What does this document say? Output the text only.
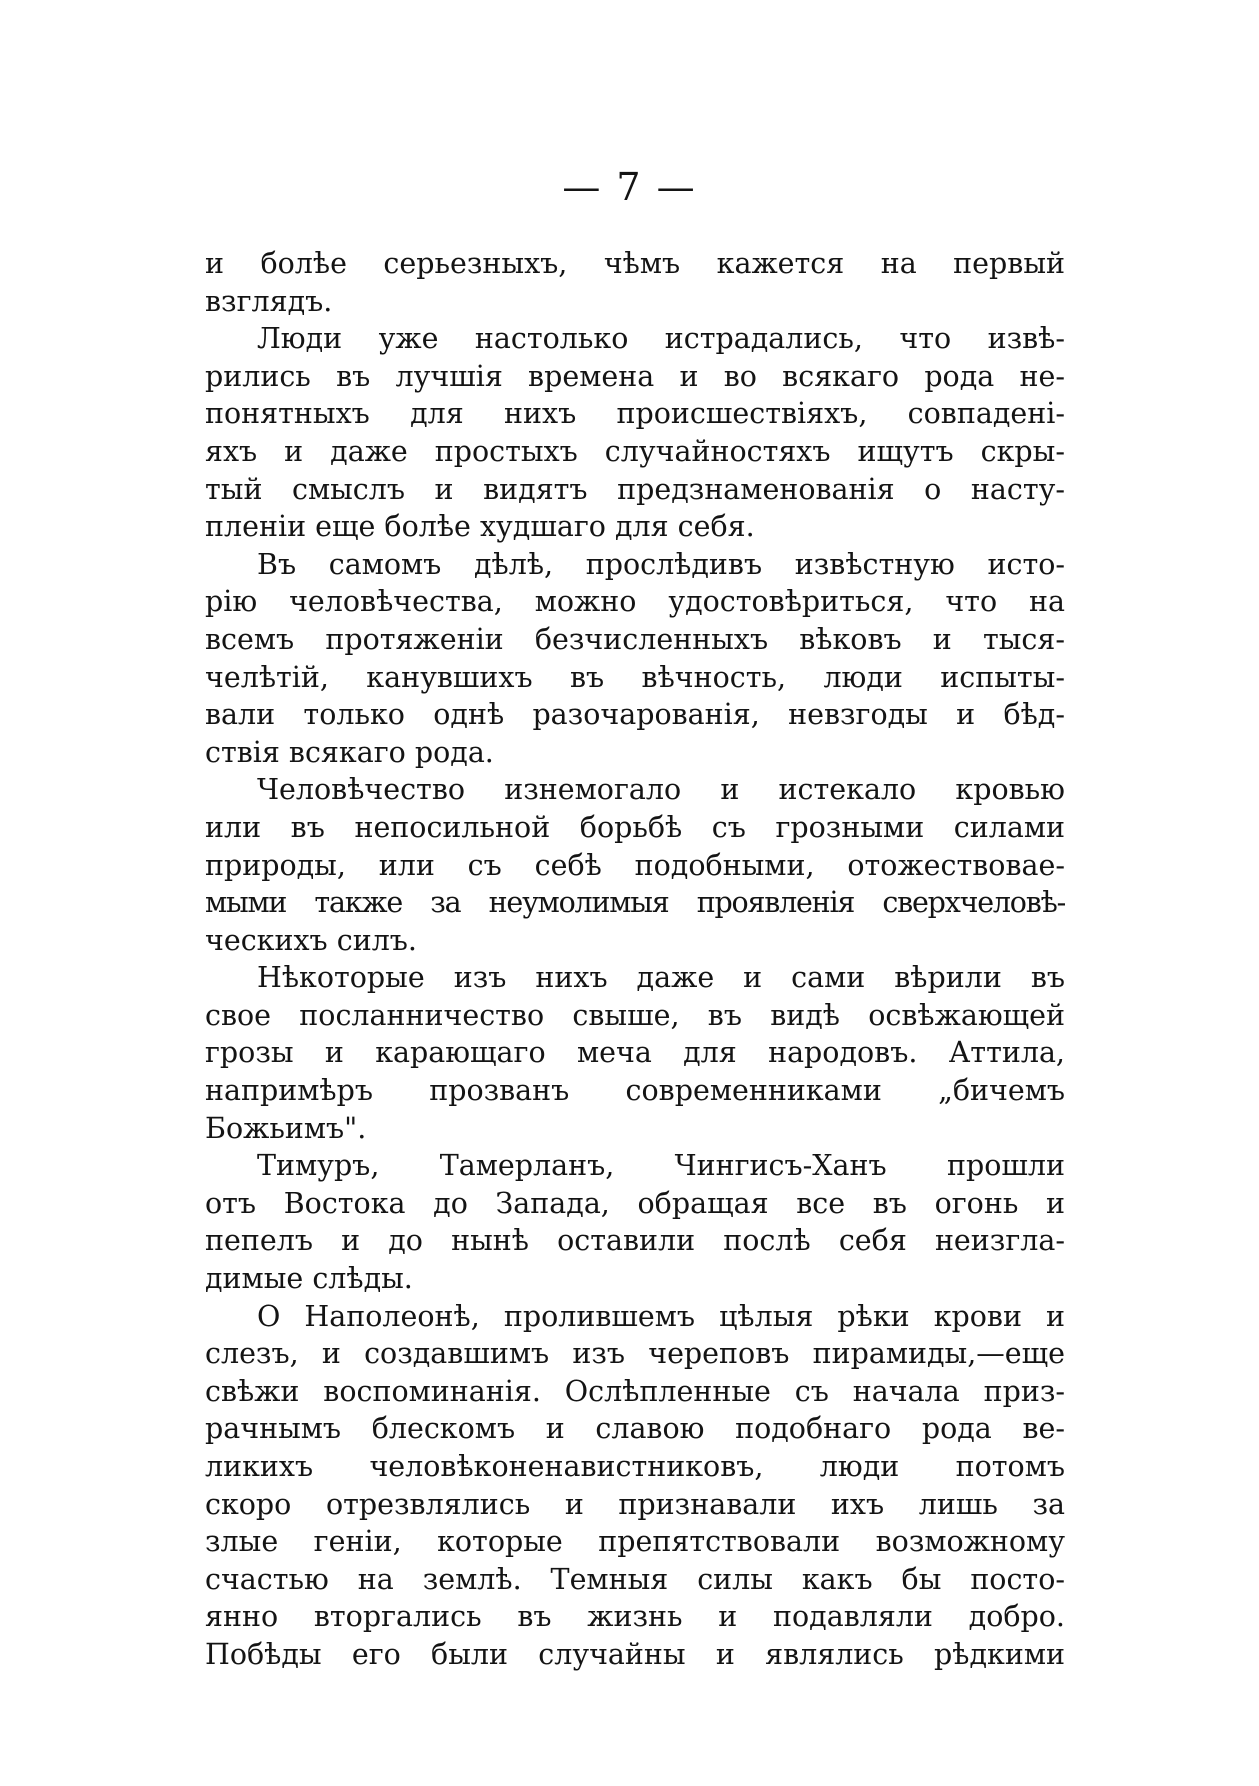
— 7 —
и болѣе серьезныхъ, чѣмъ кажется на первый
взглядъ.
Люди уже настолько истрадались, что извѣ-
рились въ лучшія времена и во всякаго рода не-
понятныхъ для нихъ происшествіяхъ, совпаденi-
яхъ и даже простыхъ случайностяхъ ищутъ скры-
тый смыслъ и видятъ предзнаменованія о насту-
пленіи еще болѣе худшаго для себя.
Въ самомъ дѣлѣ, прослѣдивъ извѣстную исто-
рію человѣчества, можно удостовѣриться, что на
всемъ протяженіи безчисленныхъ вѣковъ и тыся-
челѣтій, канувшихъ въ вѣчность, люди испыты-
вали только однѣ разочарованія, невзгоды и бѣд-
ствія всякаго рода.
Человѣчество изнемогало и истекало кровью
или въ непосильной борьбѣ съ грозными силами
природы, или съ себѣ подобными, отожествовае-
мыми также за неумолимыя проявленія сверхчеловѣ-
ческихъ силъ.
Нѣкоторые изъ нихъ даже и сами вѣрили въ
свое посланничество свыше, въ видѣ освѣжающей
грозы и карающаго меча для народовъ. Аттила,
напримѣръ прозванъ современниками „бичемъ
Божьимъ".
Тимуръ, Тамерланъ, Чингисъ-Ханъ прошли
отъ Востока до Запада, обращая все въ огонь и
пепелъ и до нынѣ оставили послѣ себя неизгла-
димые слѣды.
О Наполеонѣ, пролившемъ цѣлыя рѣки крови и
слезъ, и создавшимъ изъ череповъ пирамиды,—еще
свѣжи воспоминанія. Ослѣпленные съ начала приз-
рачнымъ блескомъ и славою подобнаго рода ве-
ликихъ человѣконенавистниковъ, люди потомъ
скоро отрезвлялись и признавали ихъ лишь за
злые геніи, которые препятствовали возможному
счастью на землѣ. Темныя силы какъ бы посто-
янно вторгались въ жизнь и подавляли добро.
Побѣды его были случайны и являлись рѣдкими
